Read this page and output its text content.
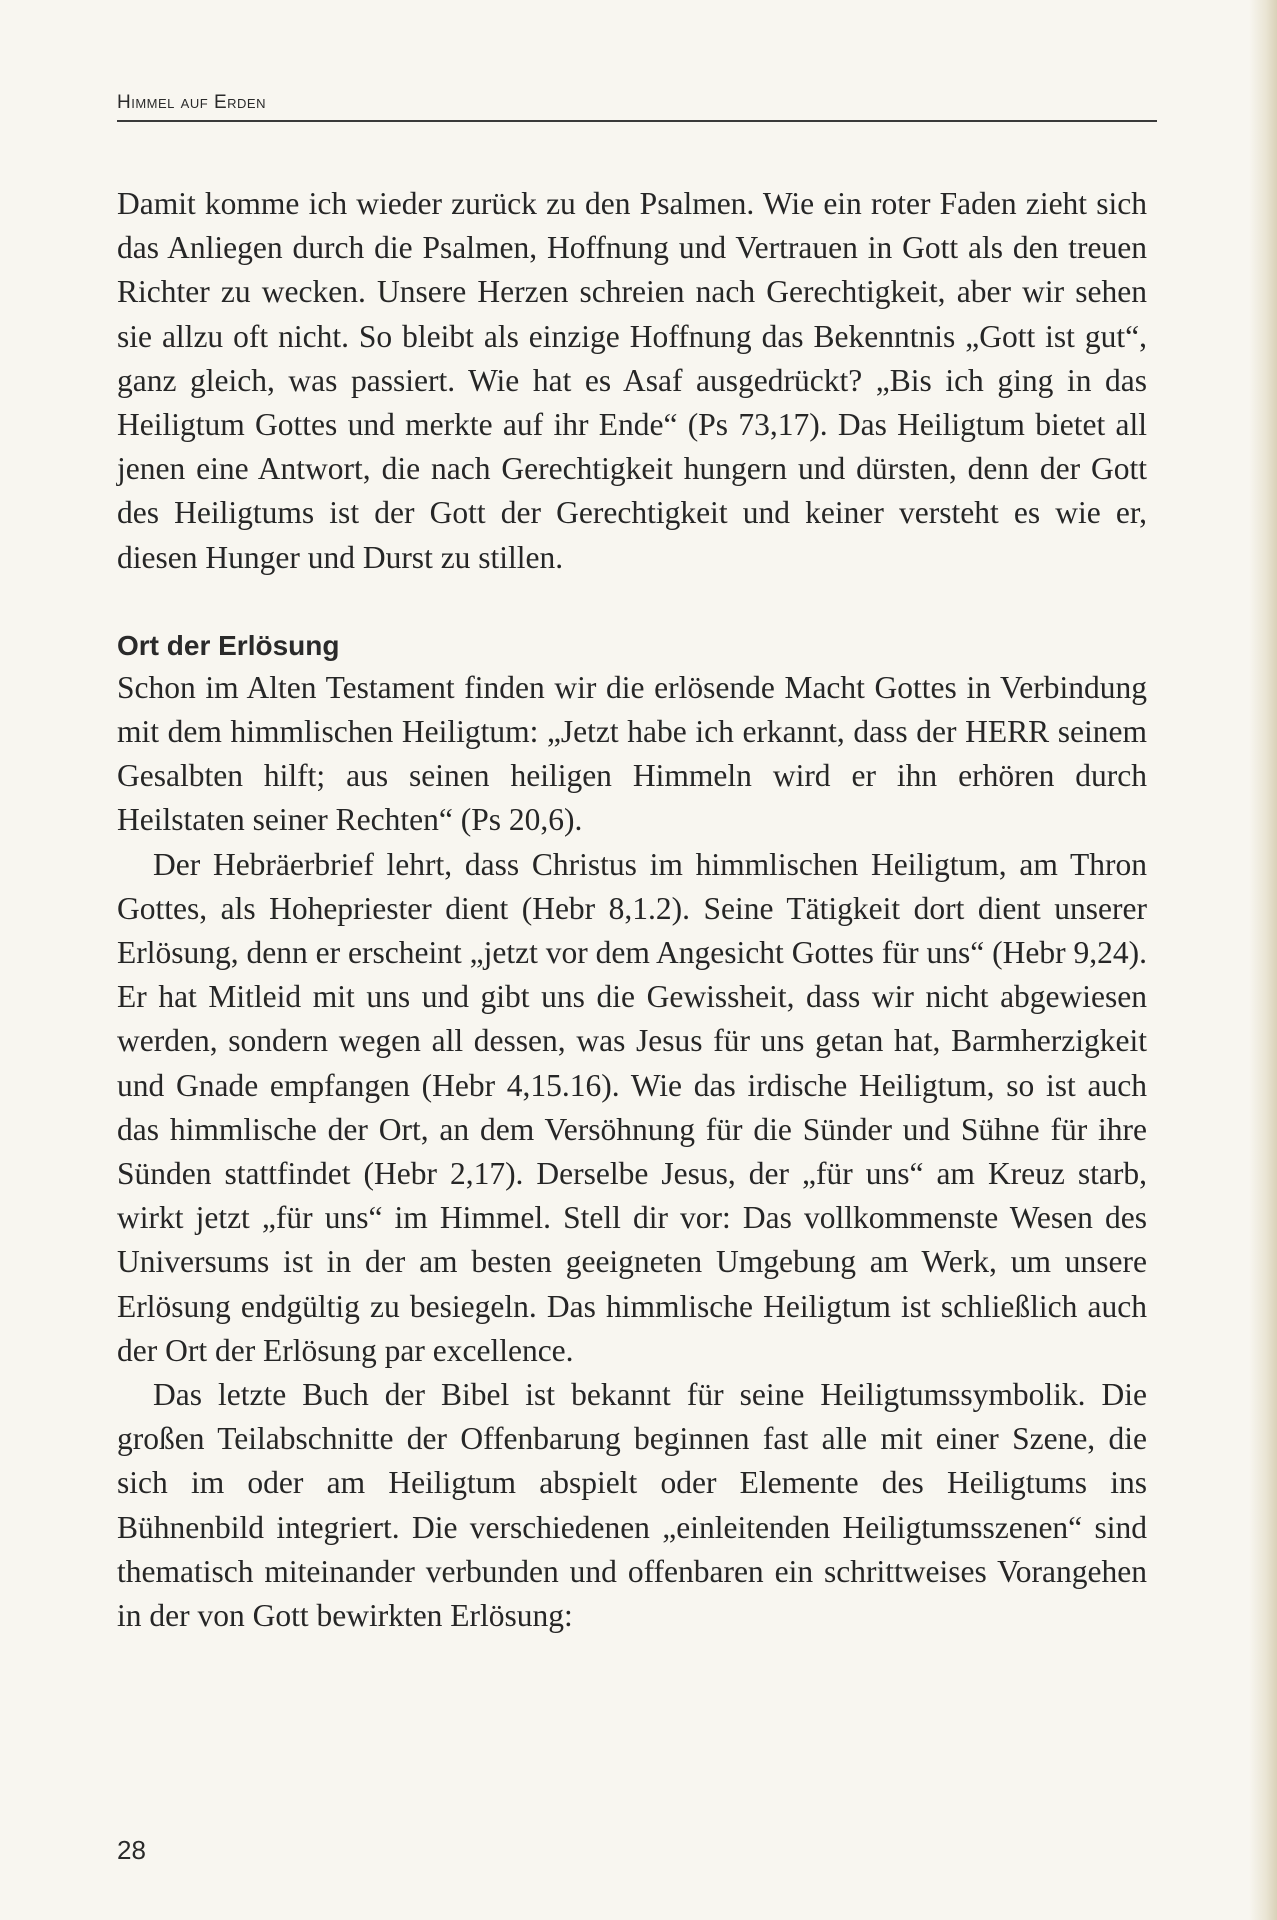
Himmel auf Erden

Damit komme ich wieder zurück zu den Psalmen. Wie ein roter Faden zieht sich das Anliegen durch die Psalmen, Hoffnung und Vertrauen in Gott als den treuen Richter zu wecken. Unsere Herzen schreien nach Gerechtigkeit, aber wir sehen sie allzu oft nicht. So bleibt als einzige Hoffnung das Bekenntnis „Gott ist gut“, ganz gleich, was passiert. Wie hat es Asaf ausgedrückt? „Bis ich ging in das Heiligtum Gottes und merkte auf ihr Ende“ (Ps 73,17). Das Heiligtum bietet all jenen eine Antwort, die nach Gerechtigkeit hungern und dürsten, denn der Gott des Heiligtums ist der Gott der Gerechtigkeit und keiner versteht es wie er, diesen Hunger und Durst zu stillen.

Ort der Erlösung

Schon im Alten Testament finden wir die erlösende Macht Gottes in Verbindung mit dem himmlischen Heiligtum: „Jetzt habe ich erkannt, dass der HERR seinem Gesalbten hilft; aus seinen heiligen Himmeln wird er ihn erhören durch Heilstaten seiner Rechten“ (Ps 20,6).

Der Hebräerbrief lehrt, dass Christus im himmlischen Heiligtum, am Thron Gottes, als Hohepriester dient (Hebr 8,1.2). Seine Tätigkeit dort dient unserer Erlösung, denn er erscheint „jetzt vor dem Angesicht Gottes für uns“ (Hebr 9,24). Er hat Mitleid mit uns und gibt uns die Gewissheit, dass wir nicht abgewiesen werden, sondern wegen all dessen, was Jesus für uns getan hat, Barmherzigkeit und Gnade empfangen (Hebr 4,15.16). Wie das irdische Heiligtum, so ist auch das himmlische der Ort, an dem Versöhnung für die Sünder und Sühne für ihre Sünden stattfindet (Hebr 2,17). Derselbe Jesus, der „für uns“ am Kreuz starb, wirkt jetzt „für uns“ im Himmel. Stell dir vor: Das vollkommenste Wesen des Universums ist in der am besten geeigneten Umgebung am Werk, um unsere Erlösung endgültig zu besiegeln. Das himmlische Heiligtum ist schließlich auch der Ort der Erlösung par excellence.

Das letzte Buch der Bibel ist bekannt für seine Heiligtumssymbolik. Die großen Teilabschnitte der Offenbarung beginnen fast alle mit einer Szene, die sich im oder am Heiligtum abspielt oder Elemente des Heiligtums ins Bühnenbild integriert. Die verschiedenen „einleitenden Heiligtumsszenen“ sind thematisch miteinander verbunden und offenbaren ein schrittweises Vorangehen in der von Gott bewirkten Erlösung:

28
